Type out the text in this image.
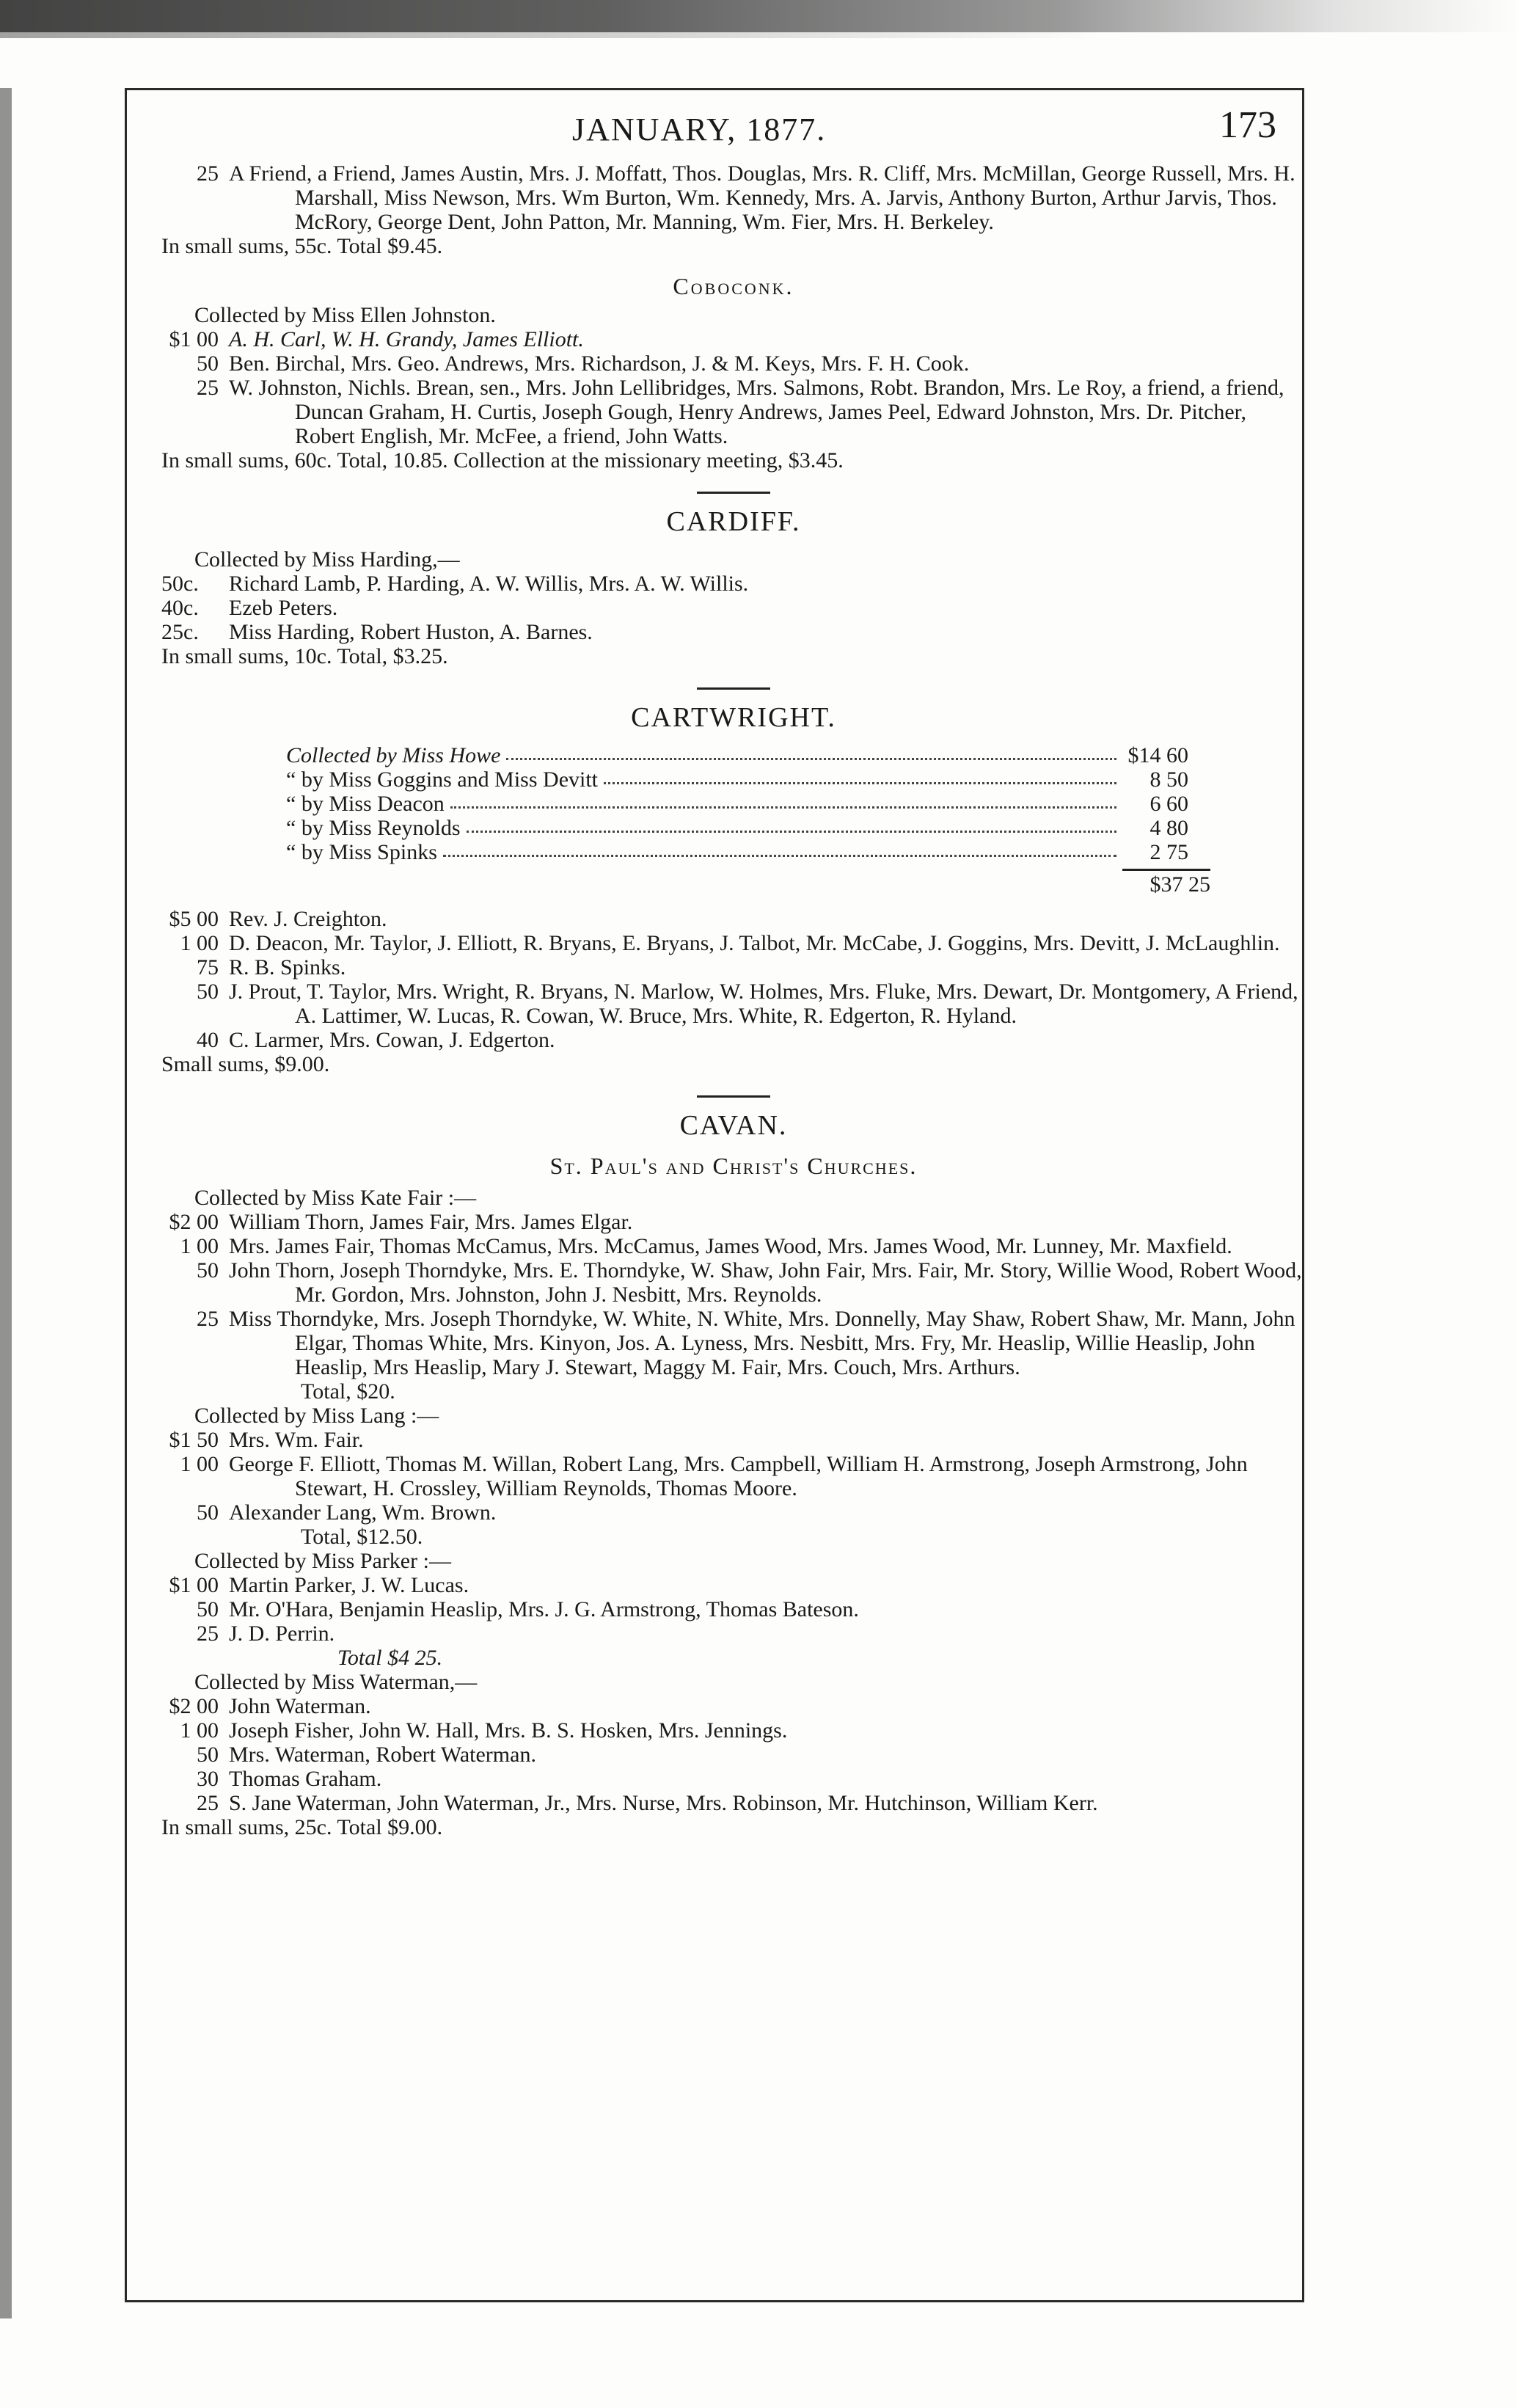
JANUARY, 1877.	173
25 A Friend, a Friend, James Austin, Mrs. J. Moffatt, Thos. Douglas, Mrs. R. Cliff, Mrs. McMillan, George Russell, Mrs. H. Marshall, Miss Newson, Mrs. Wm Burton, Wm. Kennedy, Mrs. A. Jarvis, Anthony Burton, Arthur Jarvis, Thos. McRory, George Dent, John Patton, Mr. Manning, Wm. Fier, Mrs. H. Berkeley.
In small sums, 55c. Total $9.45.
Coboconk.
Collected by Miss Ellen Johnston.
$1 00 A. H. Carl, W. H. Grandy, James Elliott.
50 Ben. Birchal, Mrs. Geo. Andrews, Mrs. Richardson, J. & M. Keys, Mrs. F. H. Cook.
25 W. Johnston, Nichls. Brean, sen., Mrs. John Lellibridges, Mrs. Salmons, Robt. Brandon, Mrs. Le Roy, a friend, a friend, Duncan Graham, H. Curtis, Joseph Gough, Henry Andrews, James Peel, Edward Johnston, Mrs. Dr. Pitcher, Robert English, Mr. McFee, a friend, John Watts.
In small sums, 60c. Total, 10.85. Collection at the missionary meeting, $3.45.
CARDIFF.
Collected by Miss Harding,—
50c.	Richard Lamb, P. Harding, A. W. Willis, Mrs. A. W. Willis.
40c.	Ezeb Peters.
25c.	Miss Harding, Robert Huston, A. Barnes.
In small sums, 10c. Total, $3.25.
CARTWRIGHT.
Collected by Miss Howe	$14 60
“ by Miss Goggins and Miss Devitt	8 50
“ by Miss Deacon	6 60
“ by Miss Reynolds	4 80
“ by Miss Spinks	2 75
$37 25
$5 00 Rev. J. Creighton.
1 00 D. Deacon, Mr. Taylor, J. Elliott, R. Bryans, E. Bryans, J. Talbot, Mr. McCabe, J. Goggins, Mrs. Devitt, J. McLaughlin.
75 R. B. Spinks.
50 J. Prout, T. Taylor, Mrs. Wright, R. Bryans, N. Marlow, W. Holmes, Mrs. Fluke, Mrs. Dewart, Dr. Montgomery, A Friend, A. Lattimer, W. Lucas, R. Cowan, W. Bruce, Mrs. White, R. Edgerton, R. Hyland.
40 C. Larmer, Mrs. Cowan, J. Edgerton.
Small sums, $9.00.
CAVAN.
St. Paul's and Christ's Churches.
Collected by Miss Kate Fair :—
$2 00 William Thorn, James Fair, Mrs. James Elgar.
1 00 Mrs. James Fair, Thomas McCamus, Mrs. McCamus, James Wood, Mrs. James Wood, Mr. Lunney, Mr. Maxfield.
50 John Thorn, Joseph Thorndyke, Mrs. E. Thorndyke, W. Shaw, John Fair, Mrs. Fair, Mr. Story, Willie Wood, Robert Wood, Mr. Gordon, Mrs. Johnston, John J. Nesbitt, Mrs. Reynolds.
25 Miss Thorndyke, Mrs. Joseph Thorndyke, W. White, N. White, Mrs. Donnelly, May Shaw, Robert Shaw, Mr. Mann, John Elgar, Thomas White, Mrs. Kinyon, Jos. A. Lyness, Mrs. Nesbitt, Mrs. Fry, Mr. Heaslip, Willie Heaslip, John Heaslip, Mrs Heaslip, Mary J. Stewart, Maggy M. Fair, Mrs. Couch, Mrs. Arthurs.
Total, $20.
Collected by Miss Lang :—
$1 50 Mrs. Wm. Fair.
1 00 George F. Elliott, Thomas M. Willan, Robert Lang, Mrs. Campbell, William H. Armstrong, Joseph Armstrong, John Stewart, H. Crossley, William Reynolds, Thomas Moore.
50 Alexander Lang, Wm. Brown.
Total, $12.50.
Collected by Miss Parker :—
$1 00 Martin Parker, J. W. Lucas.
50 Mr. O'Hara, Benjamin Heaslip, Mrs. J. G. Armstrong, Thomas Bateson.
25 J. D. Perrin.
Total $4 25.
Collected by Miss Waterman,—
$2 00 John Waterman.
1 00 Joseph Fisher, John W. Hall, Mrs. B. S. Hosken, Mrs. Jennings.
50 Mrs. Waterman, Robert Waterman.
30 Thomas Graham.
25 S. Jane Waterman, John Waterman, Jr., Mrs. Nurse, Mrs. Robinson, Mr. Hutchinson, William Kerr.
In small sums, 25c. Total $9.00.
